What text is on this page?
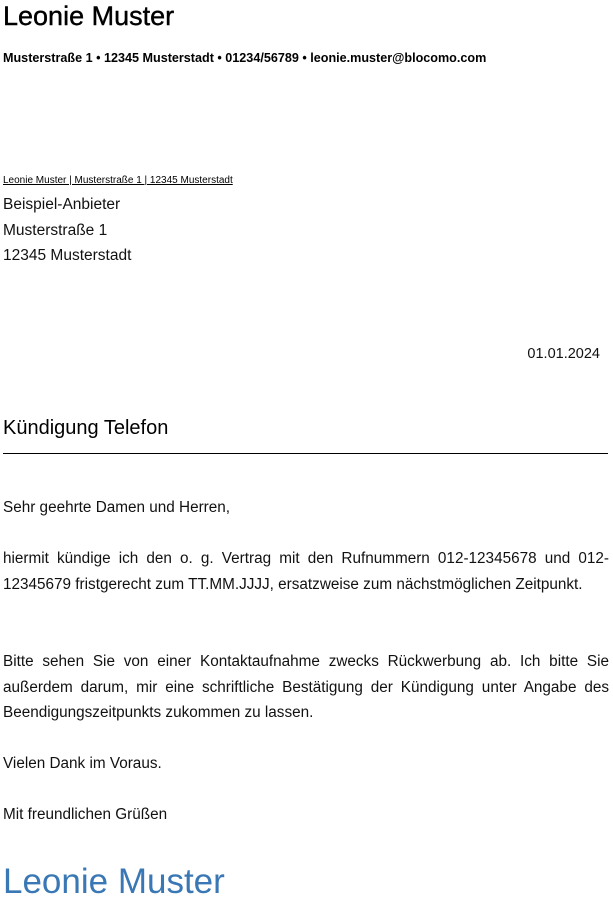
Leonie Muster
Musterstraße 1 • 12345 Musterstadt • 01234/56789 • leonie.muster@blocomo.com
Leonie Muster | Musterstraße 1 | 12345 Musterstadt
Beispiel-Anbieter
Musterstraße 1
12345 Musterstadt
01.01.2024
Kündigung Telefon
Sehr geehrte Damen und Herren,
hiermit kündige ich den o. g. Vertrag mit den Rufnummern 012-12345678 und 012-12345679 fristgerecht zum TT.MM.JJJJ, ersatzweise zum nächstmöglichen Zeitpunkt.
Bitte sehen Sie von einer Kontaktaufnahme zwecks Rückwerbung ab. Ich bitte Sie außerdem darum, mir eine schriftliche Bestätigung der Kündigung unter Angabe des Beendigungszeitpunkts zukommen zu lassen.
Vielen Dank im Voraus.
Mit freundlichen Grüßen
Leonie Muster
